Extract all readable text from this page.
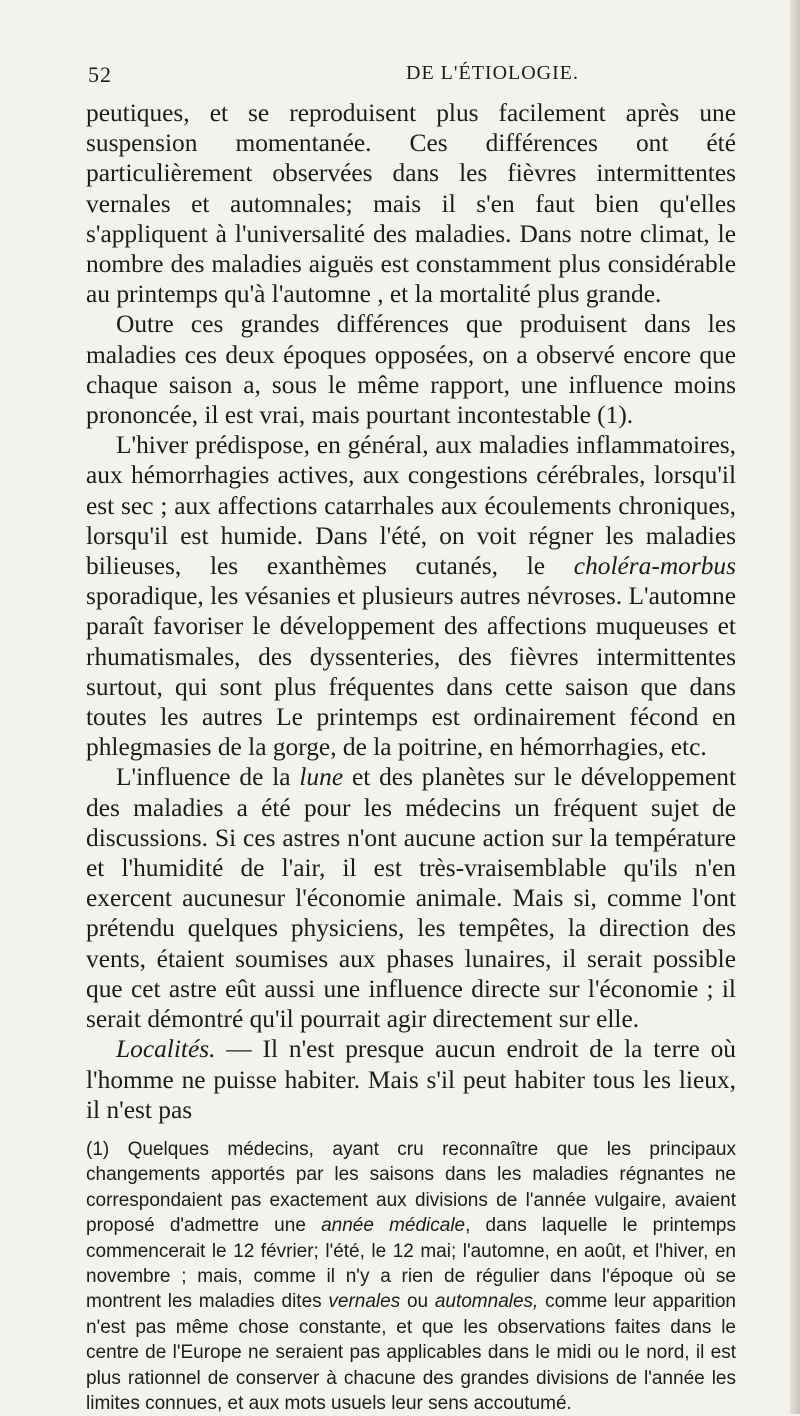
52	DE L'ÉTIOLOGIE.

peutiques, et se reproduisent plus facilement après une suspension momentanée. Ces différences ont été particulièrement observées dans les fièvres intermittentes vernales et automnales; mais il s'en faut bien qu'elles s'appliquent à l'universalité des maladies. Dans notre climat, le nombre des maladies aiguës est constamment plus considérable au printemps qu'à l'automne , et la mortalité plus grande.

Outre ces grandes différences que produisent dans les maladies ces deux époques opposées, on a observé encore que chaque saison a, sous le même rapport, une influence moins prononcée, il est vrai, mais pourtant incontestable (1).

L'hiver prédispose, en général, aux maladies inflammatoires, aux hémorrhagies actives, aux congestions cérébrales, lorsqu'il est sec ; aux affections catarrhales aux écoulements chroniques, lorsqu'il est humide. Dans l'été, on voit régner les maladies bilieuses, les exanthèmes cutanés, le choléra-morbus sporadique, les vésanies et plusieurs autres névroses. L'automne paraît favoriser le développement des affections muqueuses et rhumatismales, des dyssenteries, des fièvres intermittentes surtout, qui sont plus fréquentes dans cette saison que dans toutes les autres Le printemps est ordinairement fécond en phlegmasies de la gorge, de la poitrine, en hémorrhagies, etc.

L'influence de la lune et des planètes sur le développement des maladies a été pour les médecins un fréquent sujet de discussions. Si ces astres n'ont aucune action sur la température et l'humidité de l'air, il est très-vraisemblable qu'ils n'en exercent aucunesur l'économie animale. Mais si, comme l'ont prétendu quelques physiciens, les tempêtes, la direction des vents, étaient soumises aux phases lunaires, il serait possible que cet astre eût aussi une influence directe sur l'économie ; il serait démontré qu'il pourrait agir directement sur elle.

Localités. — Il n'est presque aucun endroit de la terre où l'homme ne puisse habiter. Mais s'il peut habiter tous les lieux, il n'est pas

(1) Quelques médecins, ayant cru reconnaître que les principaux changements apportés par les saisons dans les maladies régnantes ne correspondaient pas exactement aux divisions de l'année vulgaire, avaient proposé d'admettre une année médicale, dans laquelle le printemps commencerait le 12 février; l'été, le 12 mai; l'automne, en août, et l'hiver, en novembre ; mais, comme il n'y a rien de régulier dans l'époque où se montrent les maladies dites vernales ou automnales, comme leur apparition n'est pas même chose constante, et que les observations faites dans le centre de l'Europe ne seraient pas applicables dans le midi ou le nord, il est plus rationnel de conserver à chacune des grandes divisions de l'année les limites connues, et aux mots usuels leur sens accoutumé.
